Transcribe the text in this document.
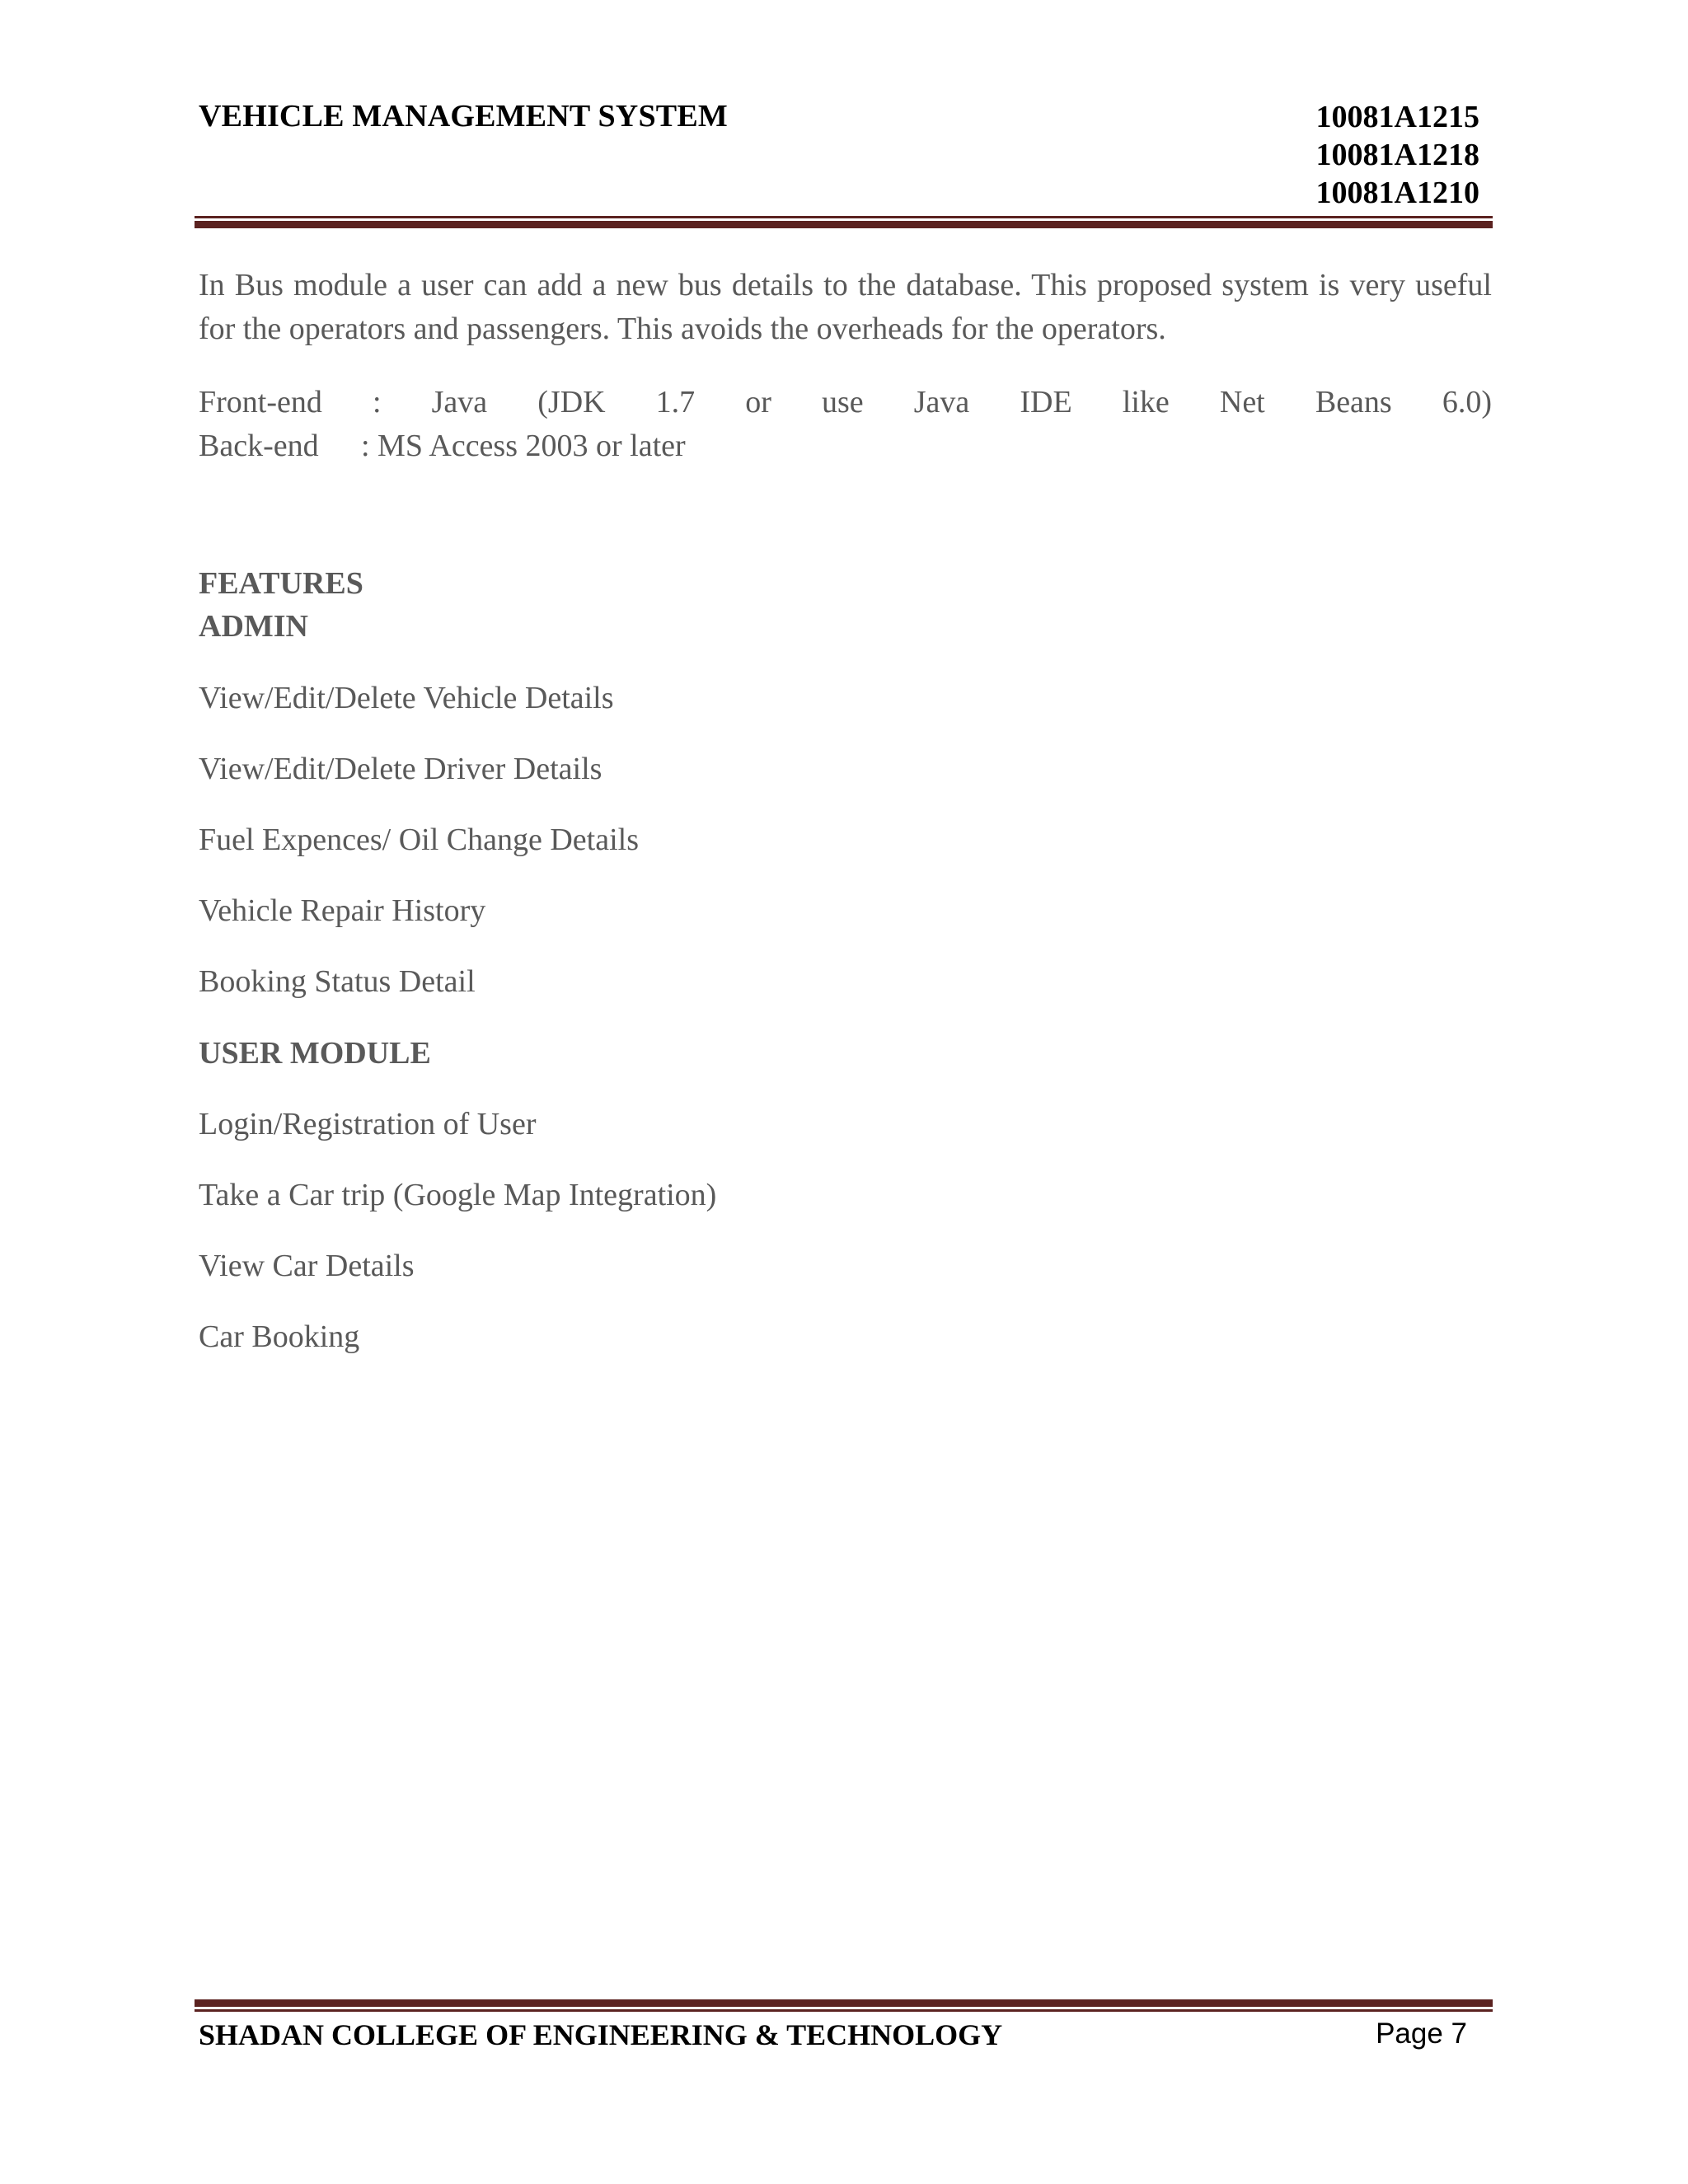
VEHICLE MANAGEMENT SYSTEM	10081A1215
10081A1218
10081A1210
In Bus module a user can add a new bus details to the database. This proposed system is very useful for the operators and passengers. This avoids the overheads for the operators.
Front-end : Java (JDK 1.7 or use Java IDE like Net Beans 6.0)
Back-end : MS Access 2003 or later
FEATURES
ADMIN
View/Edit/Delete Vehicle Details
View/Edit/Delete Driver Details
Fuel Expences/ Oil Change Details
Vehicle Repair History
Booking Status Detail
USER MODULE
Login/Registration of User
Take a Car trip (Google Map Integration)
View Car Details
Car Booking
SHADAN COLLEGE OF ENGINEERING & TECHNOLOGY	Page 7
